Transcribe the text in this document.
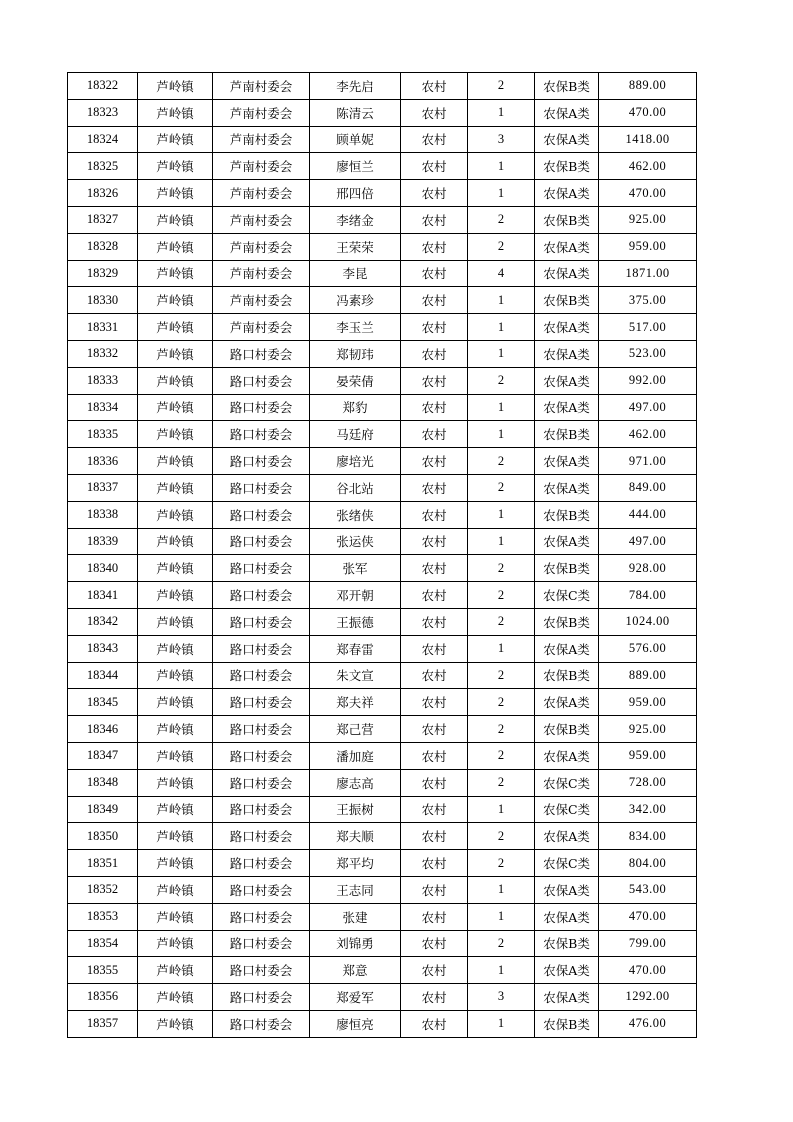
18322	芦岭镇	芦南村委会	李先启	农村	2	农保B类	889.00
18323	芦岭镇	芦南村委会	陈清云	农村	1	农保A类	470.00
18324	芦岭镇	芦南村委会	顾单妮	农村	3	农保A类	1418.00
18325	芦岭镇	芦南村委会	廖恒兰	农村	1	农保B类	462.00
18326	芦岭镇	芦南村委会	邢四倍	农村	1	农保A类	470.00
18327	芦岭镇	芦南村委会	李绪金	农村	2	农保B类	925.00
18328	芦岭镇	芦南村委会	王荣荣	农村	2	农保A类	959.00
18329	芦岭镇	芦南村委会	李昆	农村	4	农保A类	1871.00
18330	芦岭镇	芦南村委会	冯素珍	农村	1	农保B类	375.00
18331	芦岭镇	芦南村委会	李玉兰	农村	1	农保A类	517.00
18332	芦岭镇	路口村委会	郑韧玮	农村	1	农保A类	523.00
18333	芦岭镇	路口村委会	晏荣倩	农村	2	农保A类	992.00
18334	芦岭镇	路口村委会	郑豹	农村	1	农保A类	497.00
18335	芦岭镇	路口村委会	马廷府	农村	1	农保B类	462.00
18336	芦岭镇	路口村委会	廖培光	农村	2	农保A类	971.00
18337	芦岭镇	路口村委会	谷北站	农村	2	农保A类	849.00
18338	芦岭镇	路口村委会	张绪侠	农村	1	农保B类	444.00
18339	芦岭镇	路口村委会	张运侠	农村	1	农保A类	497.00
18340	芦岭镇	路口村委会	张军	农村	2	农保B类	928.00
18341	芦岭镇	路口村委会	邓开朝	农村	2	农保C类	784.00
18342	芦岭镇	路口村委会	王振德	农村	2	农保B类	1024.00
18343	芦岭镇	路口村委会	郑春雷	农村	1	农保A类	576.00
18344	芦岭镇	路口村委会	朱文宣	农村	2	农保B类	889.00
18345	芦岭镇	路口村委会	郑夫祥	农村	2	农保A类	959.00
18346	芦岭镇	路口村委会	郑己营	农村	2	农保B类	925.00
18347	芦岭镇	路口村委会	潘加庭	农村	2	农保A类	959.00
18348	芦岭镇	路口村委会	廖志高	农村	2	农保C类	728.00
18349	芦岭镇	路口村委会	王振树	农村	1	农保C类	342.00
18350	芦岭镇	路口村委会	郑夫顺	农村	2	农保A类	834.00
18351	芦岭镇	路口村委会	郑平均	农村	2	农保C类	804.00
18352	芦岭镇	路口村委会	王志同	农村	1	农保A类	543.00
18353	芦岭镇	路口村委会	张建	农村	1	农保A类	470.00
18354	芦岭镇	路口村委会	刘锦勇	农村	2	农保B类	799.00
18355	芦岭镇	路口村委会	郑意	农村	1	农保A类	470.00
18356	芦岭镇	路口村委会	郑爱军	农村	3	农保A类	1292.00
18357	芦岭镇	路口村委会	廖恒亮	农村	1	农保B类	476.00
